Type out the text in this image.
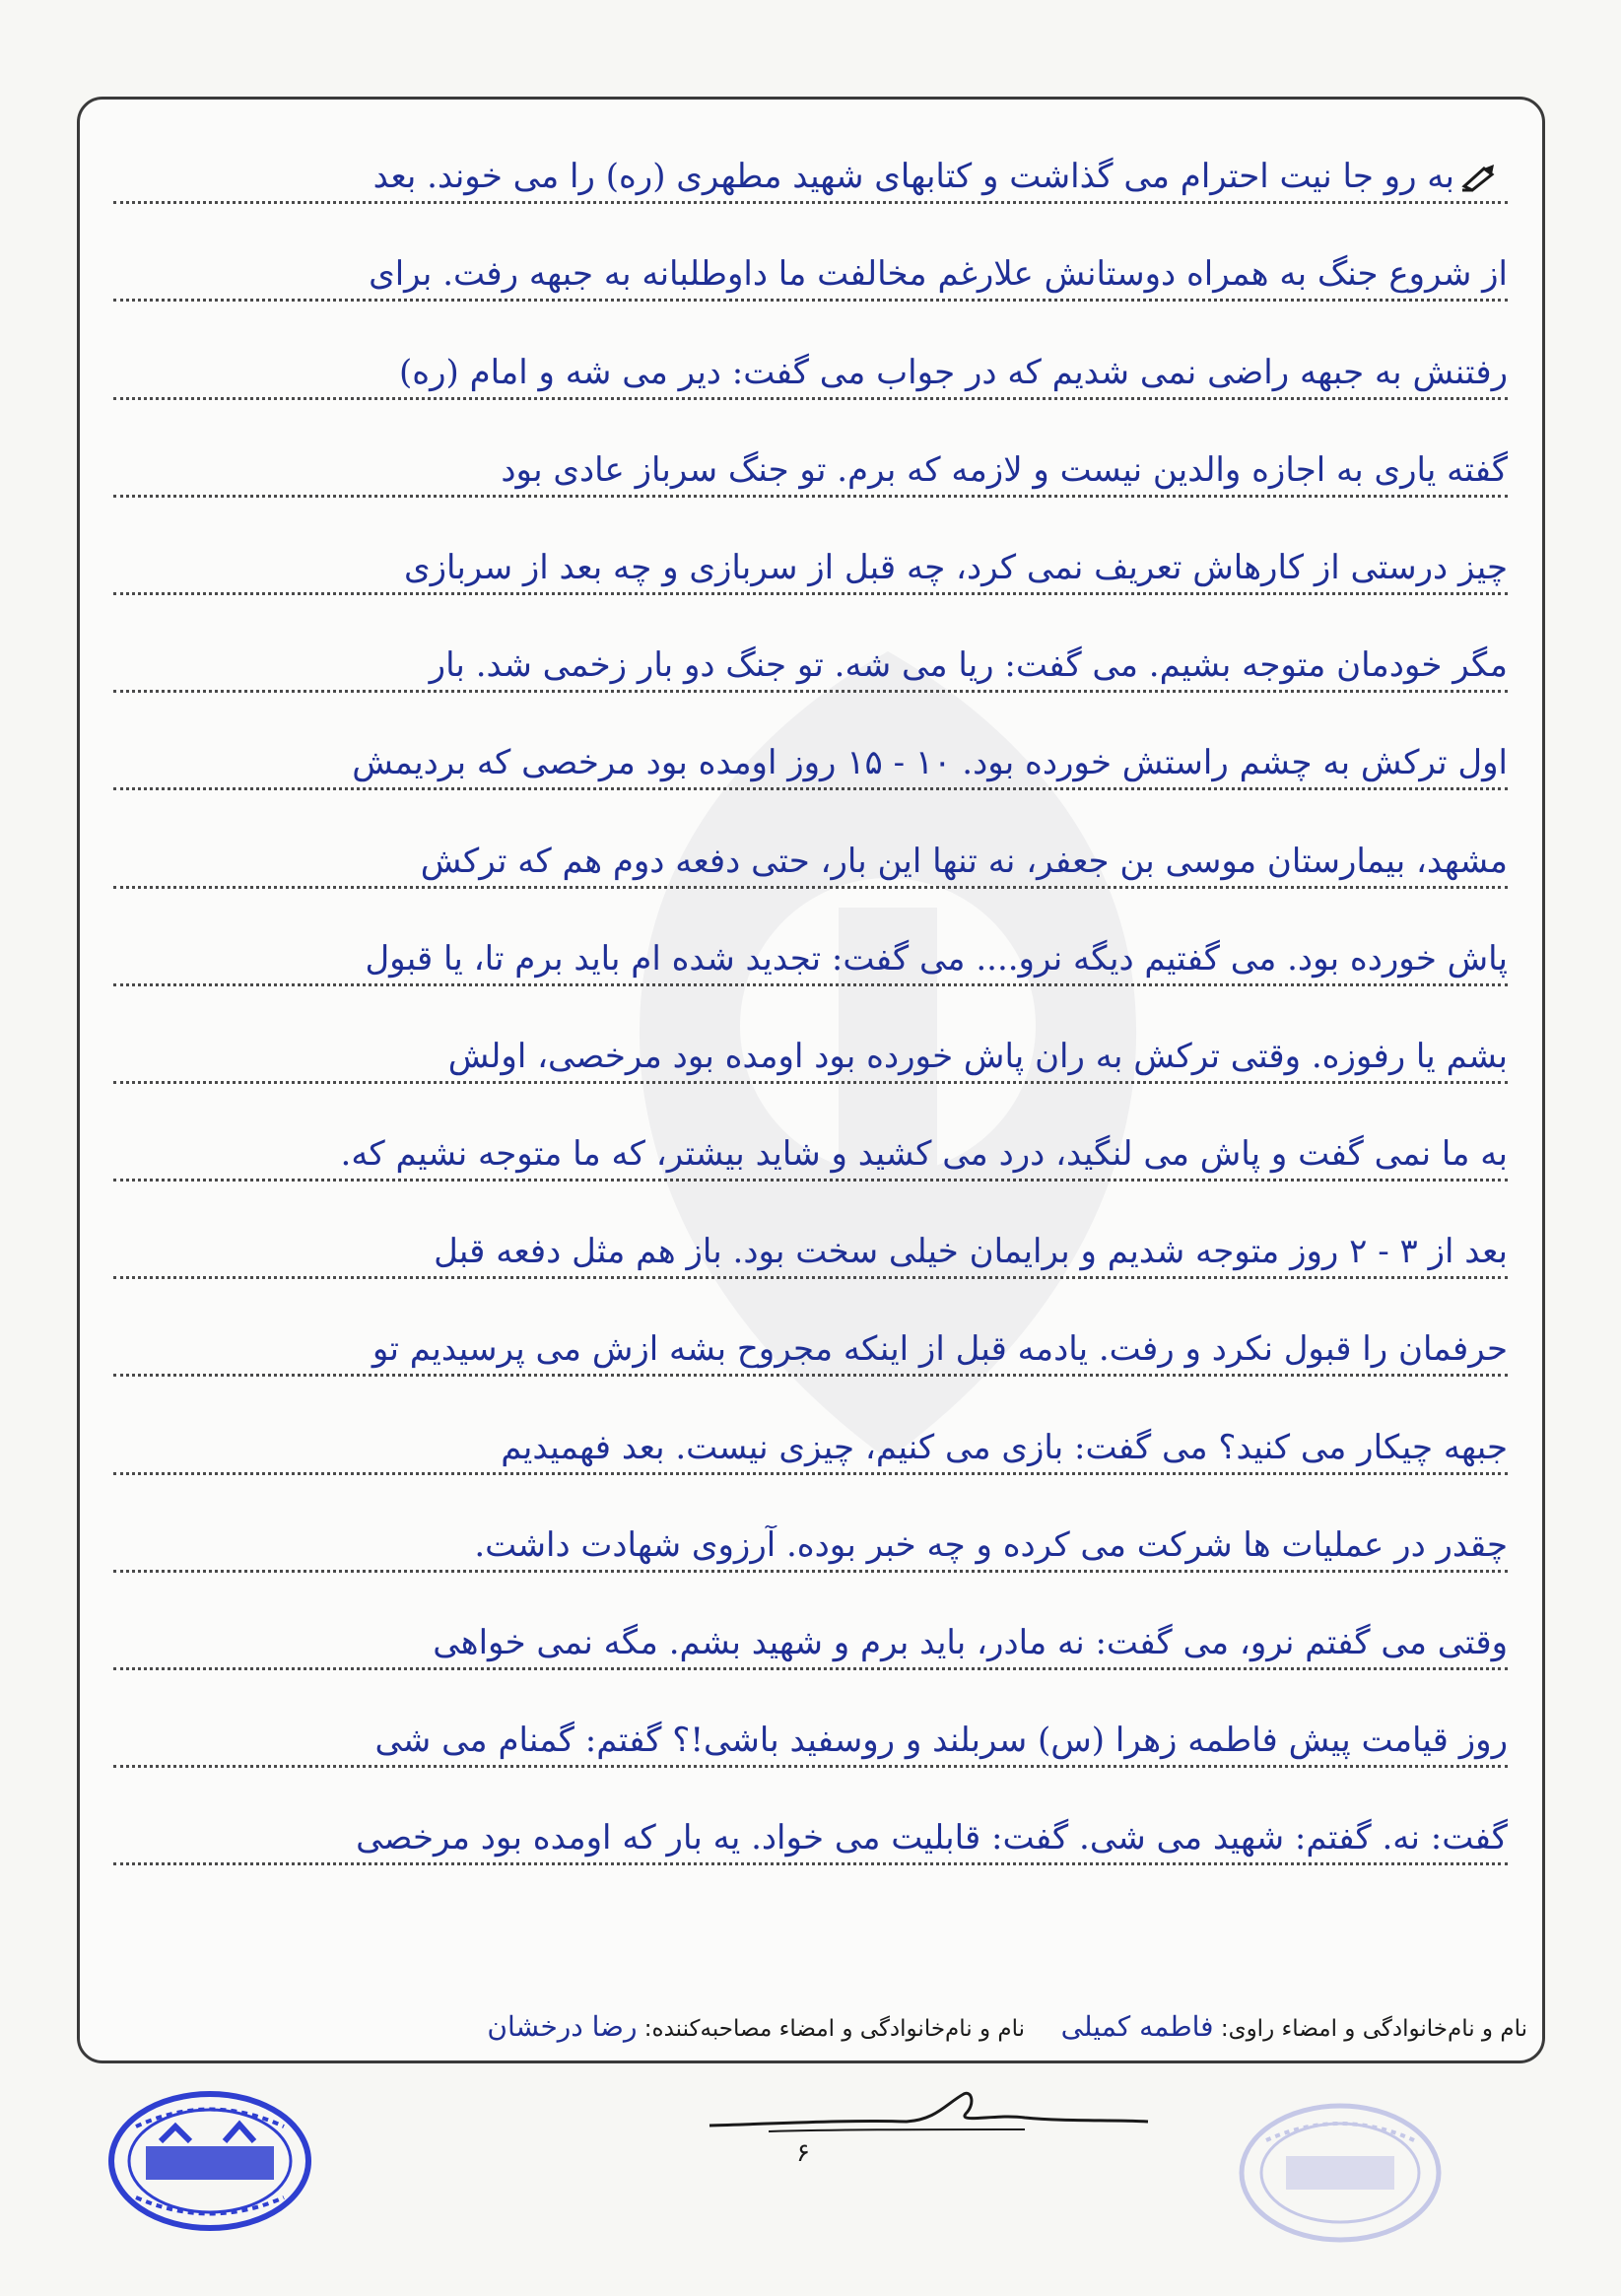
به رو جا نیت احترام می گذاشت و کتابهای شهید مطهری (ره) را می خوند. بعد
از شروع جنگ به همراه دوستانش علارغم مخالفت ما داوطلبانه به جبهه رفت. برای
رفتنش به جبهه راضی نمی شدیم که در جواب می گفت: دیر می شه و امام (ره)
گفته یاری به اجازه والدین نیست و لازمه که برم. تو جنگ سرباز عادی بود
چیز درستی از کارهاش تعریف نمی کرد، چه قبل از سربازی و چه بعد از سربازی
مگر خودمان متوجه بشیم. می گفت: ریا می شه. تو جنگ دو بار زخمی شد. بار
اول ترکش به چشم راستش خورده بود. ۱۰ - ۱۵ روز اومده بود مرخصی که بردیمش
مشهد، بیمارستان موسی بن جعفر، نه تنها این بار، حتی دفعه دوم هم که ترکش
پاش خورده بود. می گفتیم دیگه نرو.... می گفت: تجدید شده ام باید برم تا، یا قبول
بشم یا رفوزه. وقتی ترکش به ران پاش خورده بود اومده بود مرخصی، اولش
به ما نمی گفت و پاش می لنگید، درد می کشید و شاید بیشتر، که ما متوجه نشیم که.
بعد از ۳ - ۲ روز متوجه شدیم و برایمان خیلی سخت بود. باز هم مثل دفعه قبل
حرفمان را قبول نکرد و رفت. یادمه قبل از اینکه مجروح بشه ازش می پرسیدیم تو
جبهه چیکار می کنید؟ می گفت: بازی می کنیم، چیزی نیست. بعد فهمیدیم
چقدر در عملیات ها شرکت می کرده و چه خبر بوده. آرزوی شهادت داشت.
وقتی می گفتم نرو، می گفت: نه مادر، باید برم و شهید بشم. مگه نمی خواهی
روز قیامت پیش فاطمه زهرا (س) سربلند و روسفید باشی!؟ گفتم: گمنام می شی
گفت: نه. گفتم: شهید می شی. گفت: قابلیت می خواد. یه بار که اومده بود مرخصی
نام و نام‌خانوادگی و امضاء راوی: فاطمه کمیلی     نام و نام‌خانوادگی و امضاء مصاحبه‌کننده: رضا درخشان
۶
